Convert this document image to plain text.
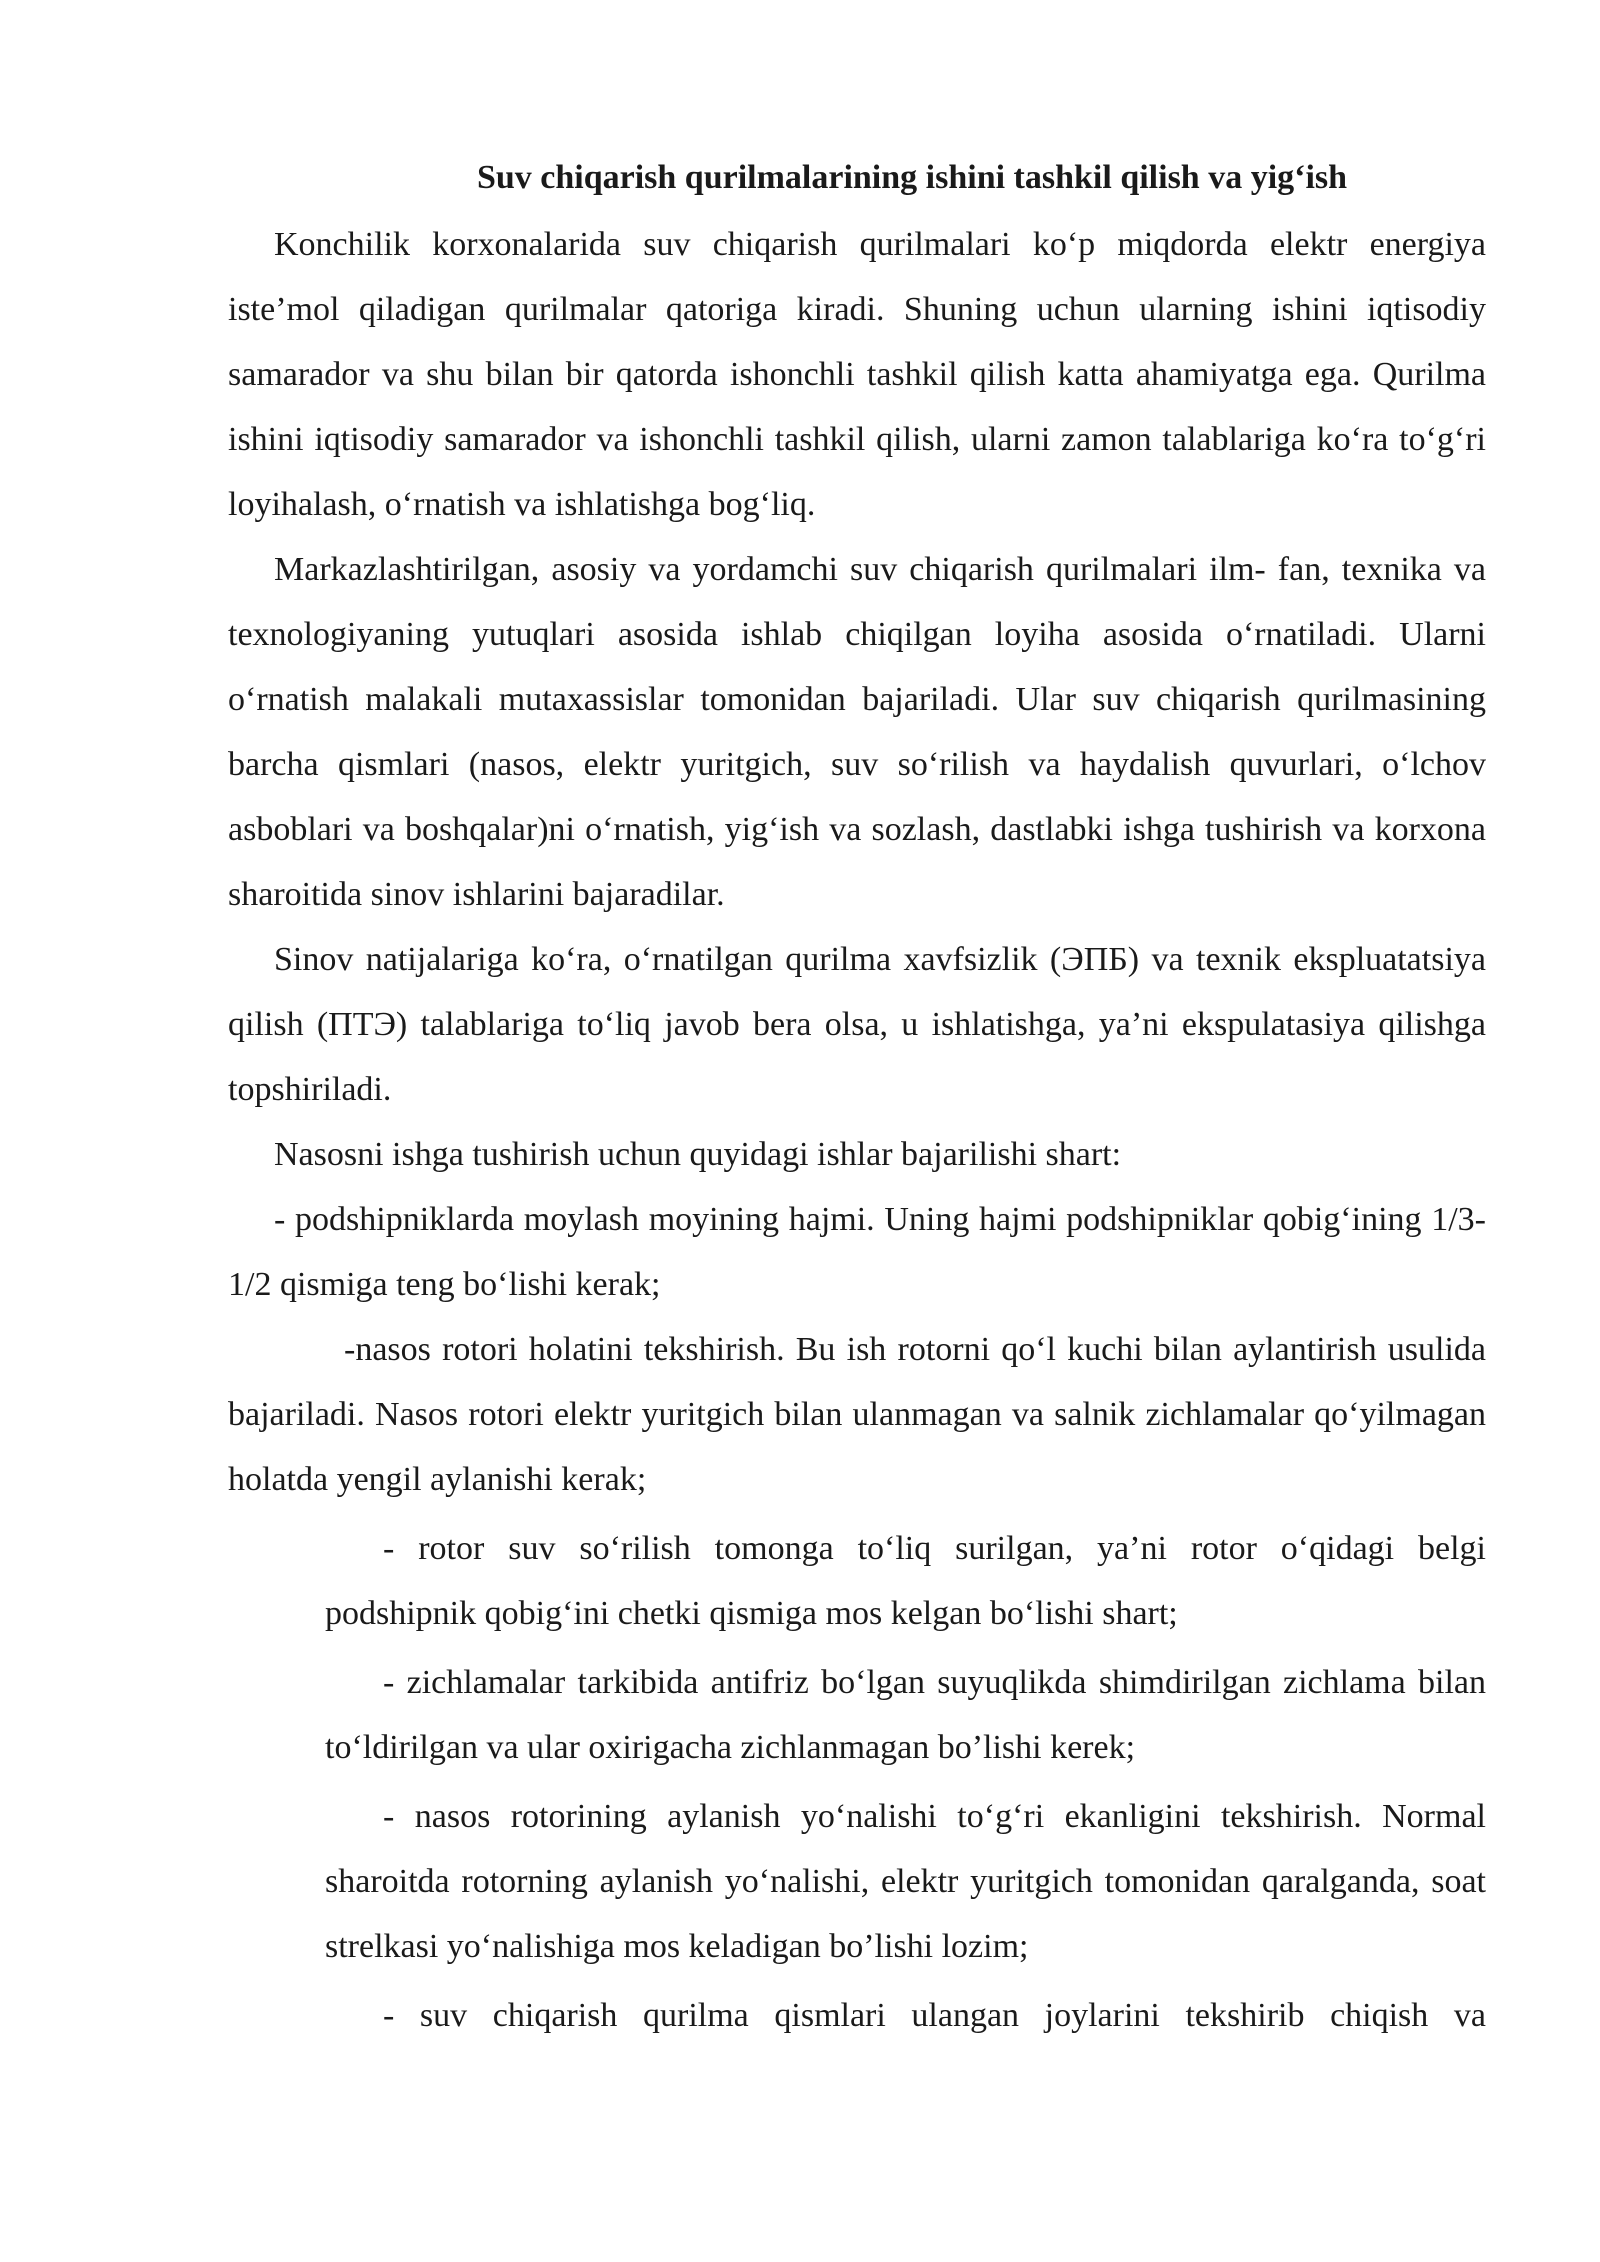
Suv chiqarish qurilmalarining ishini tashkil qilish va yig‘ish

Konchilik korxonalarida suv chiqarish qurilmalari ko‘p miqdorda elektr energiya iste’mol qiladigan qurilmalar qatoriga kiradi. Shuning uchun ularning ishini iqtisodiy samarador va shu bilan bir qatorda ishonchli tashkil qilish katta ahamiyatga ega. Qurilma ishini iqtisodiy samarador va ishonchli tashkil qilish, ularni zamon talablariga ko‘ra to‘g‘ri loyihalash, o‘rnatish va ishlatishga bog‘liq.

Markazlashtirilgan, asosiy va yordamchi suv chiqarish qurilmalari ilm- fan, texnika va texnologiyaning yutuqlari asosida ishlab chiqilgan loyiha asosida o‘rnatiladi. Ularni o‘rnatish malakali mutaxassislar tomonidan bajariladi. Ular suv chiqarish qurilmasining barcha qismlari (nasos, elektr yuritgich, suv so‘rilish va haydalish quvurlari, o‘lchov asboblari va boshqalar)ni o‘rnatish, yig‘ish va sozlash, dastlabki ishga tushirish va korxona sharoitida sinov ishlarini bajaradilar.

Sinov natijalariga ko‘ra, o‘rnatilgan qurilma xavfsizlik (ЭПБ) va texnik ekspluatatsiya qilish (ПТЭ) talablariga to‘liq javob bera olsa, u ishlatishga, ya’ni ekspulatasiya qilishga topshiriladi.

Nasosni ishga tushirish uchun quyidagi ishlar bajarilishi shart:

- podshipniklarda moylash moyining hajmi. Uning hajmi podshipniklar qobig‘ining 1/3-1/2 qismiga teng bo‘lishi kerak;

-nasos rotori holatini tekshirish. Bu ish rotorni qo‘l kuchi bilan aylantirish usulida bajariladi. Nasos rotori elektr yuritgich bilan ulanmagan va salnik zichlamalar qo‘yilmagan holatda yengil aylanishi kerak;

- rotor suv so‘rilish tomonga to‘liq surilgan, ya’ni rotor o‘qidagi belgi podshipnik qobig‘ini chetki qismiga mos kelgan bo‘lishi shart;

- zichlamalar tarkibida antifriz bo‘lgan suyuqlikda shimdirilgan zichlama bilan to‘ldirilgan va ular oxirigacha zichlanmagan bo’lishi kerek;

- nasos rotorining aylanish yo‘nalishi to‘g‘ri ekanligini tekshirish. Normal sharoitda rotorning aylanish yo‘nalishi, elektr yuritgich tomonidan qaralganda, soat strelkasi yo‘nalishiga mos keladigan bo’lishi lozim;

- suv chiqarish qurilma qismlari ulangan joylarini tekshirib chiqish va
